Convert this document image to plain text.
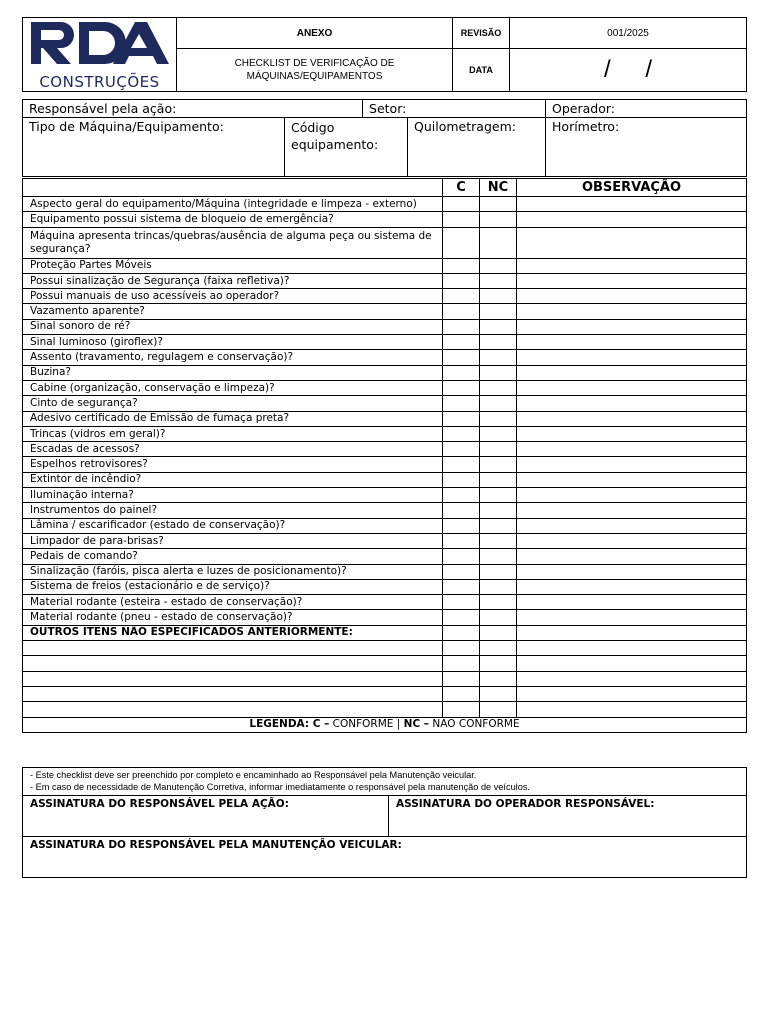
CONSTRUÇÕES	ANEXO	REVISÃO	001/2025
	CHECKLIST DE VERIFICAÇÃO DE MÁQUINAS/EQUIPAMENTOS	DATA	/ /
Responsável pela ação:		Setor:		Operador:
Tipo de Máquina/Equipamento:	Código equipamento:		Quilometragem:	Horímetro:
	C	NC	OBSERVAÇÃO
Aspecto geral do equipamento/Máquina (integridade e limpeza - externo)			
Equipamento possui sistema de bloqueio de emergência?			
Máquina apresenta trincas/quebras/ausência de alguma peça ou sistema de segurança?			
Proteção Partes Móveis			
Possui sinalização de Segurança (faixa refletiva)?			
Possui manuais de uso acessíveis ao operador?			
Vazamento aparente?			
Sinal sonoro de ré?			
Sinal luminoso (giroflex)?			
Assento (travamento, regulagem e conservação)?			
Buzina?			
Cabine (organização, conservação e limpeza)?			
Cinto de segurança?			
Adesivo certificado de Emissão de fumaça preta?			
Trincas (vidros em geral)?			
Escadas de acessos?			
Espelhos retrovisores?			
Extintor de incêndio?			
Iluminação interna?			
Instrumentos do painel?			
Lâmina / escarificador (estado de conservação)?			
Limpador de para-brisas?			
Pedais de comando?			
Sinalização (faróis, pisca alerta e luzes de posicionamento)?			
Sistema de freios (estacionário e de serviço)?			
Material rodante (esteira - estado de conservação)?			
Material rodante (pneu - estado de conservação)?			
OUTROS ITENS NÃO ESPECIFICADOS ANTERIORMENTE:			

LEGENDA: C – CONFORME | NC – NÃO CONFORME			
- Este checklist deve ser preenchido por completo e encaminhado ao Responsável pela Manutenção veicular.
- Em caso de necessidade de Manutenção Corretiva, informar imediatamente o responsável pela manutenção de veículos.

ASSINATURA DO RESPONSÁVEL PELA AÇÃO:	ASSINATURA DO OPERADOR RESPONSÁVEL:
ASSINATURA DO RESPONSÁVEL PELA MANUTENÇÃO VEICULAR:
